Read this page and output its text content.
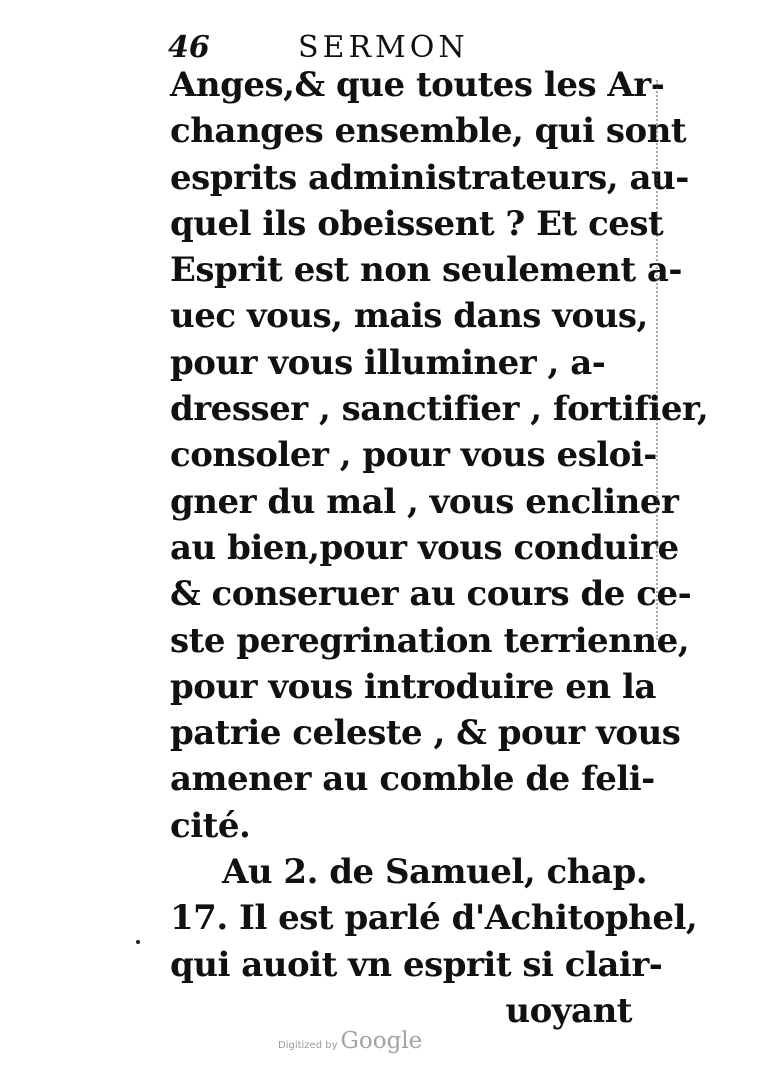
46	SERMON
Anges,& que toutes les Ar-
changes ensemble, qui sont
esprits administrateurs, au-
quel ils obeissent ? Et cest
Esprit est non seulement a-
uec vous, mais dans vous,
pour vous illuminer , a-
dresser , sanctifier , fortifier,
consoler , pour vous esloi-
gner du mal , vous encliner
au bien,pour vous conduire
& conseruer au cours de ce-
ste peregrination terrienne,
pour vous introduire en la
patrie celeste , & pour vous
amener au comble de feli-
cité.
Au 2. de Samuel, chap.
17. Il est parlé d'Achitophel,
qui auoit vn esprit si clair-
uoyant
Digitized by Google
